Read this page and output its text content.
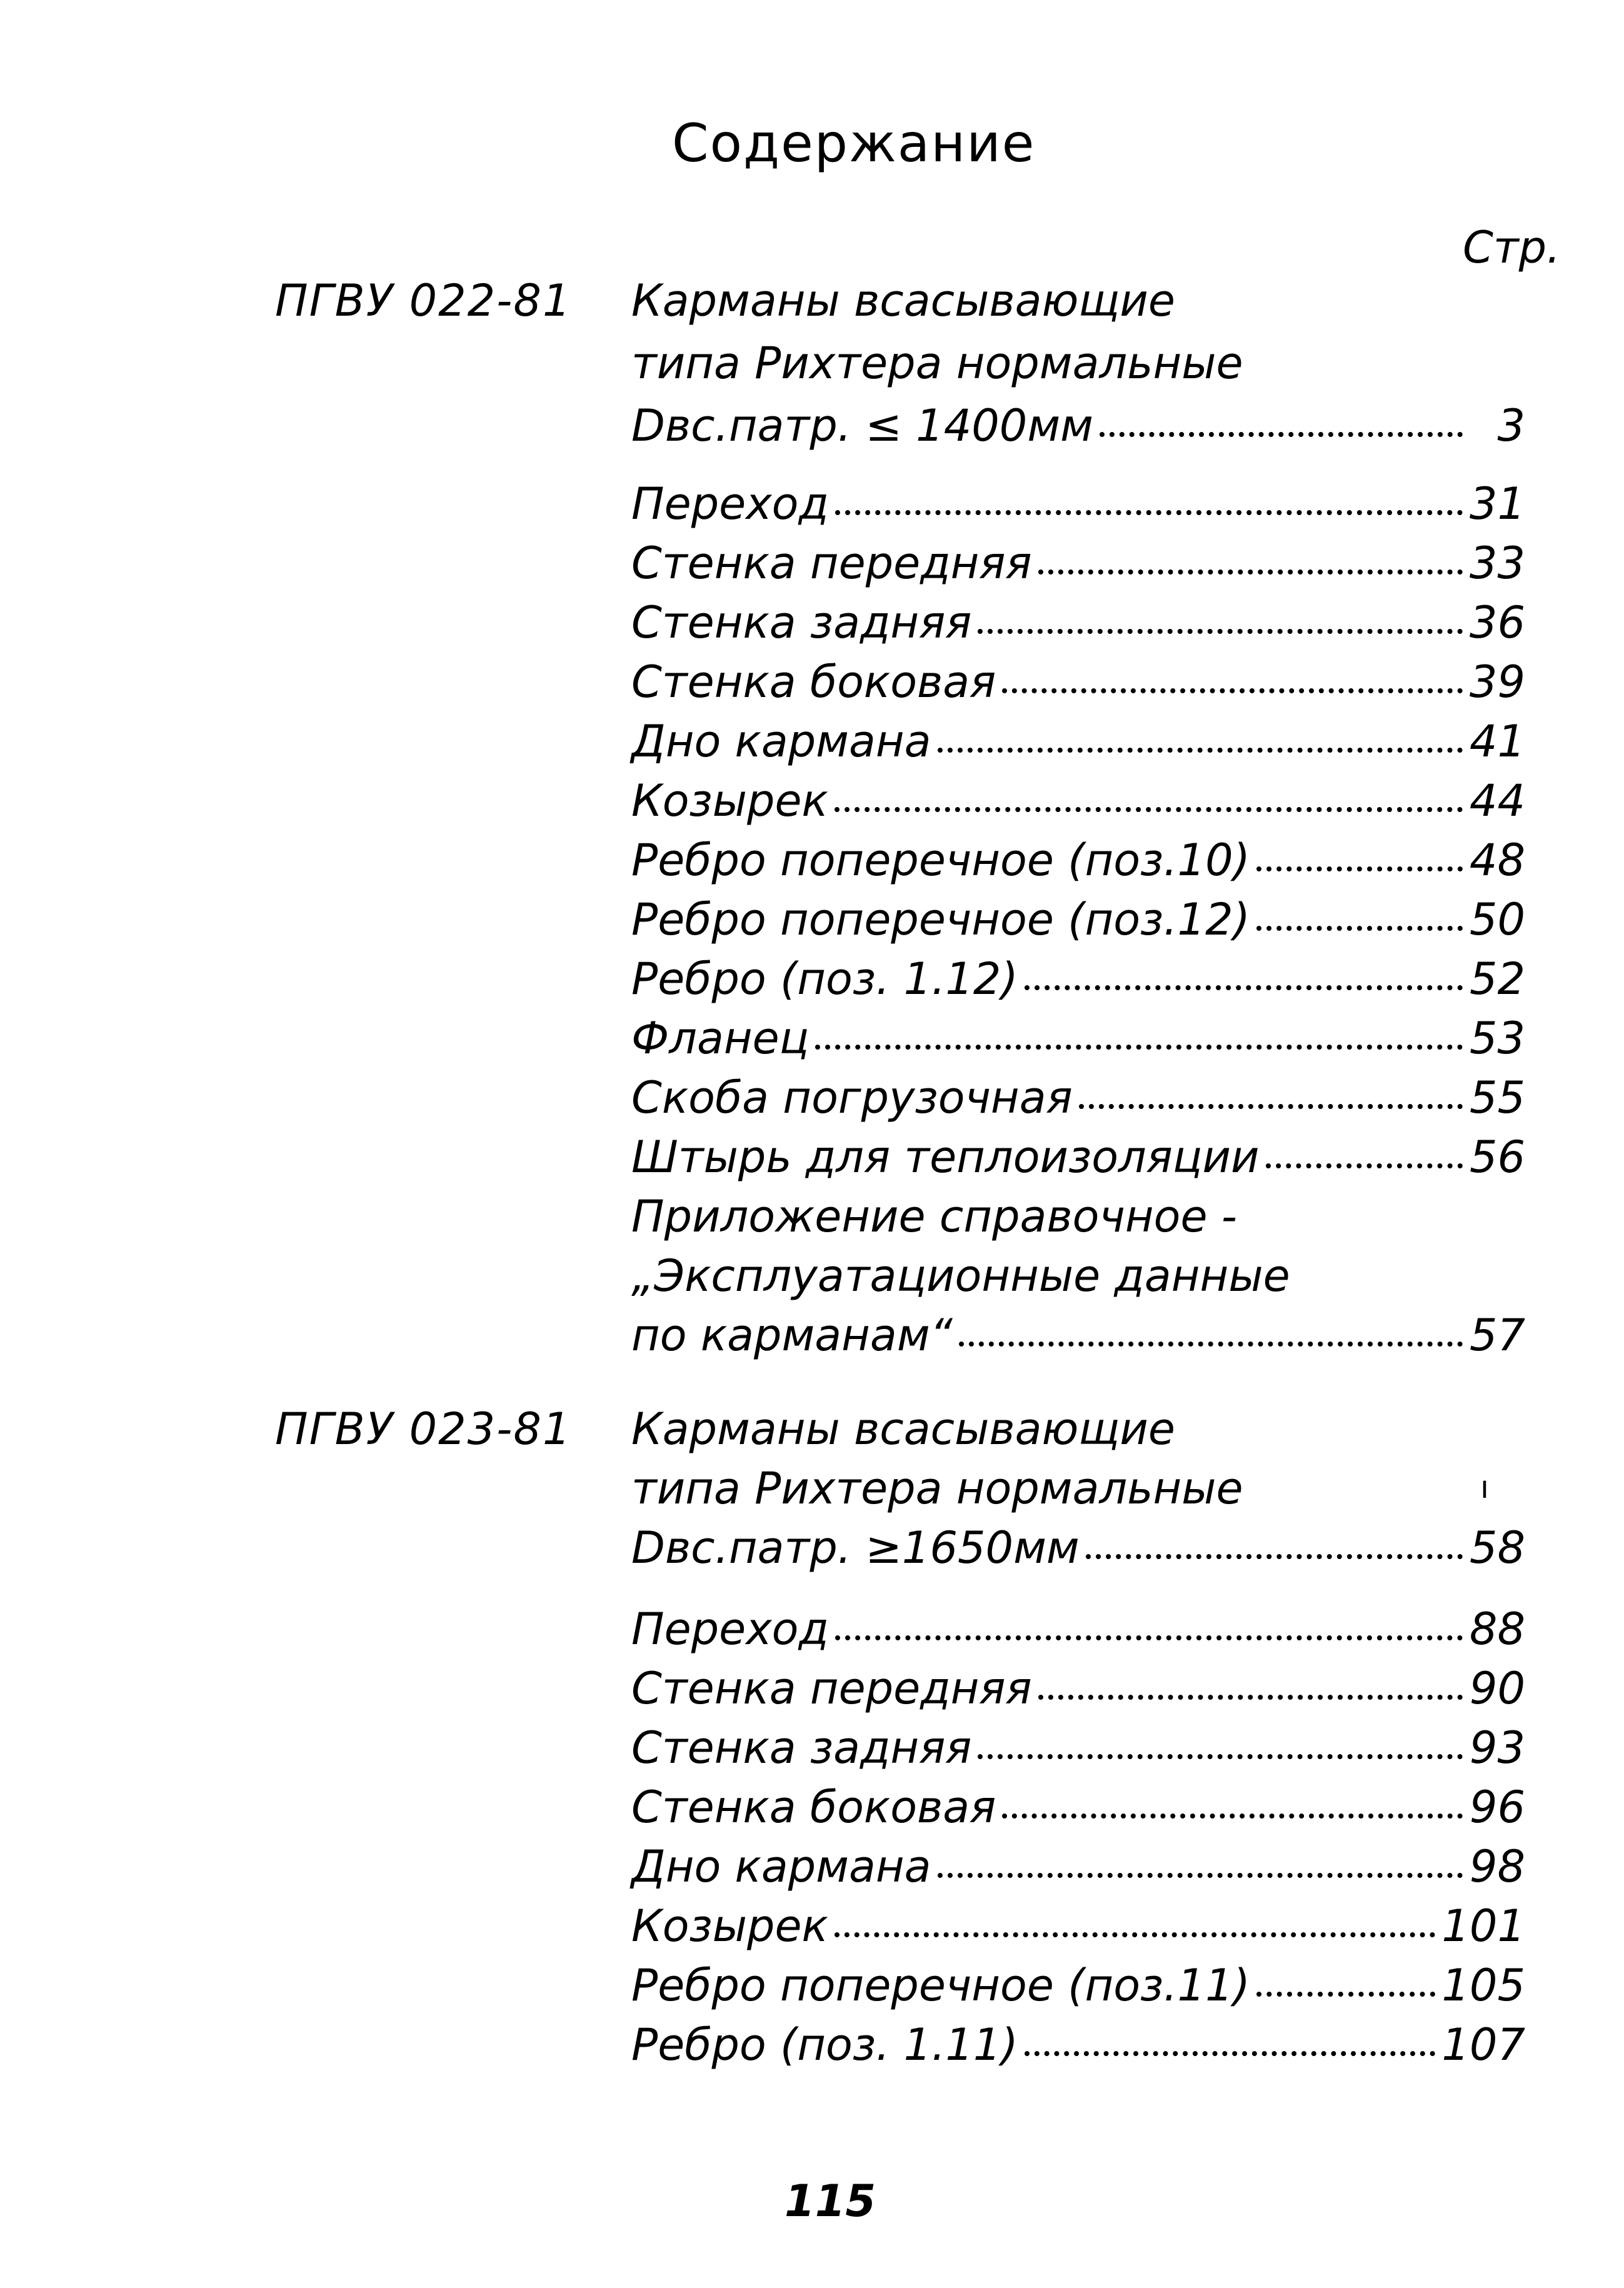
Содержание
Стр.
ПГВУ 022-81 Карманы всасывающие
типа Рихтера нормальные
Dвс.патр. ≤ 1400мм	3
Переход	31
Стенка передняя	33
Стенка задняя	36
Стенка боковая	39
Дно кармана	41
Козырек	44
Ребро поперечное (поз.10)	48
Ребро поперечное (поз.12)	50
Ребро (поз. 1.12)	52
Фланец	53
Скоба погрузочная	55
Штырь для теплоизоляции	56
Приложение справочное -
„Эксплуатационные данные
по карманам“	57
ПГВУ 023-81 Карманы всасывающие
типа Рихтера нормальные	ı
Dвс.патр. ≥1650мм	58
Переход	88
Стенка передняя	90
Стенка задняя	93
Стенка боковая	96
Дно кармана	98
Козырек	101
Ребро поперечное (поз.11)	105
Ребро (поз. 1.11)	107
115
